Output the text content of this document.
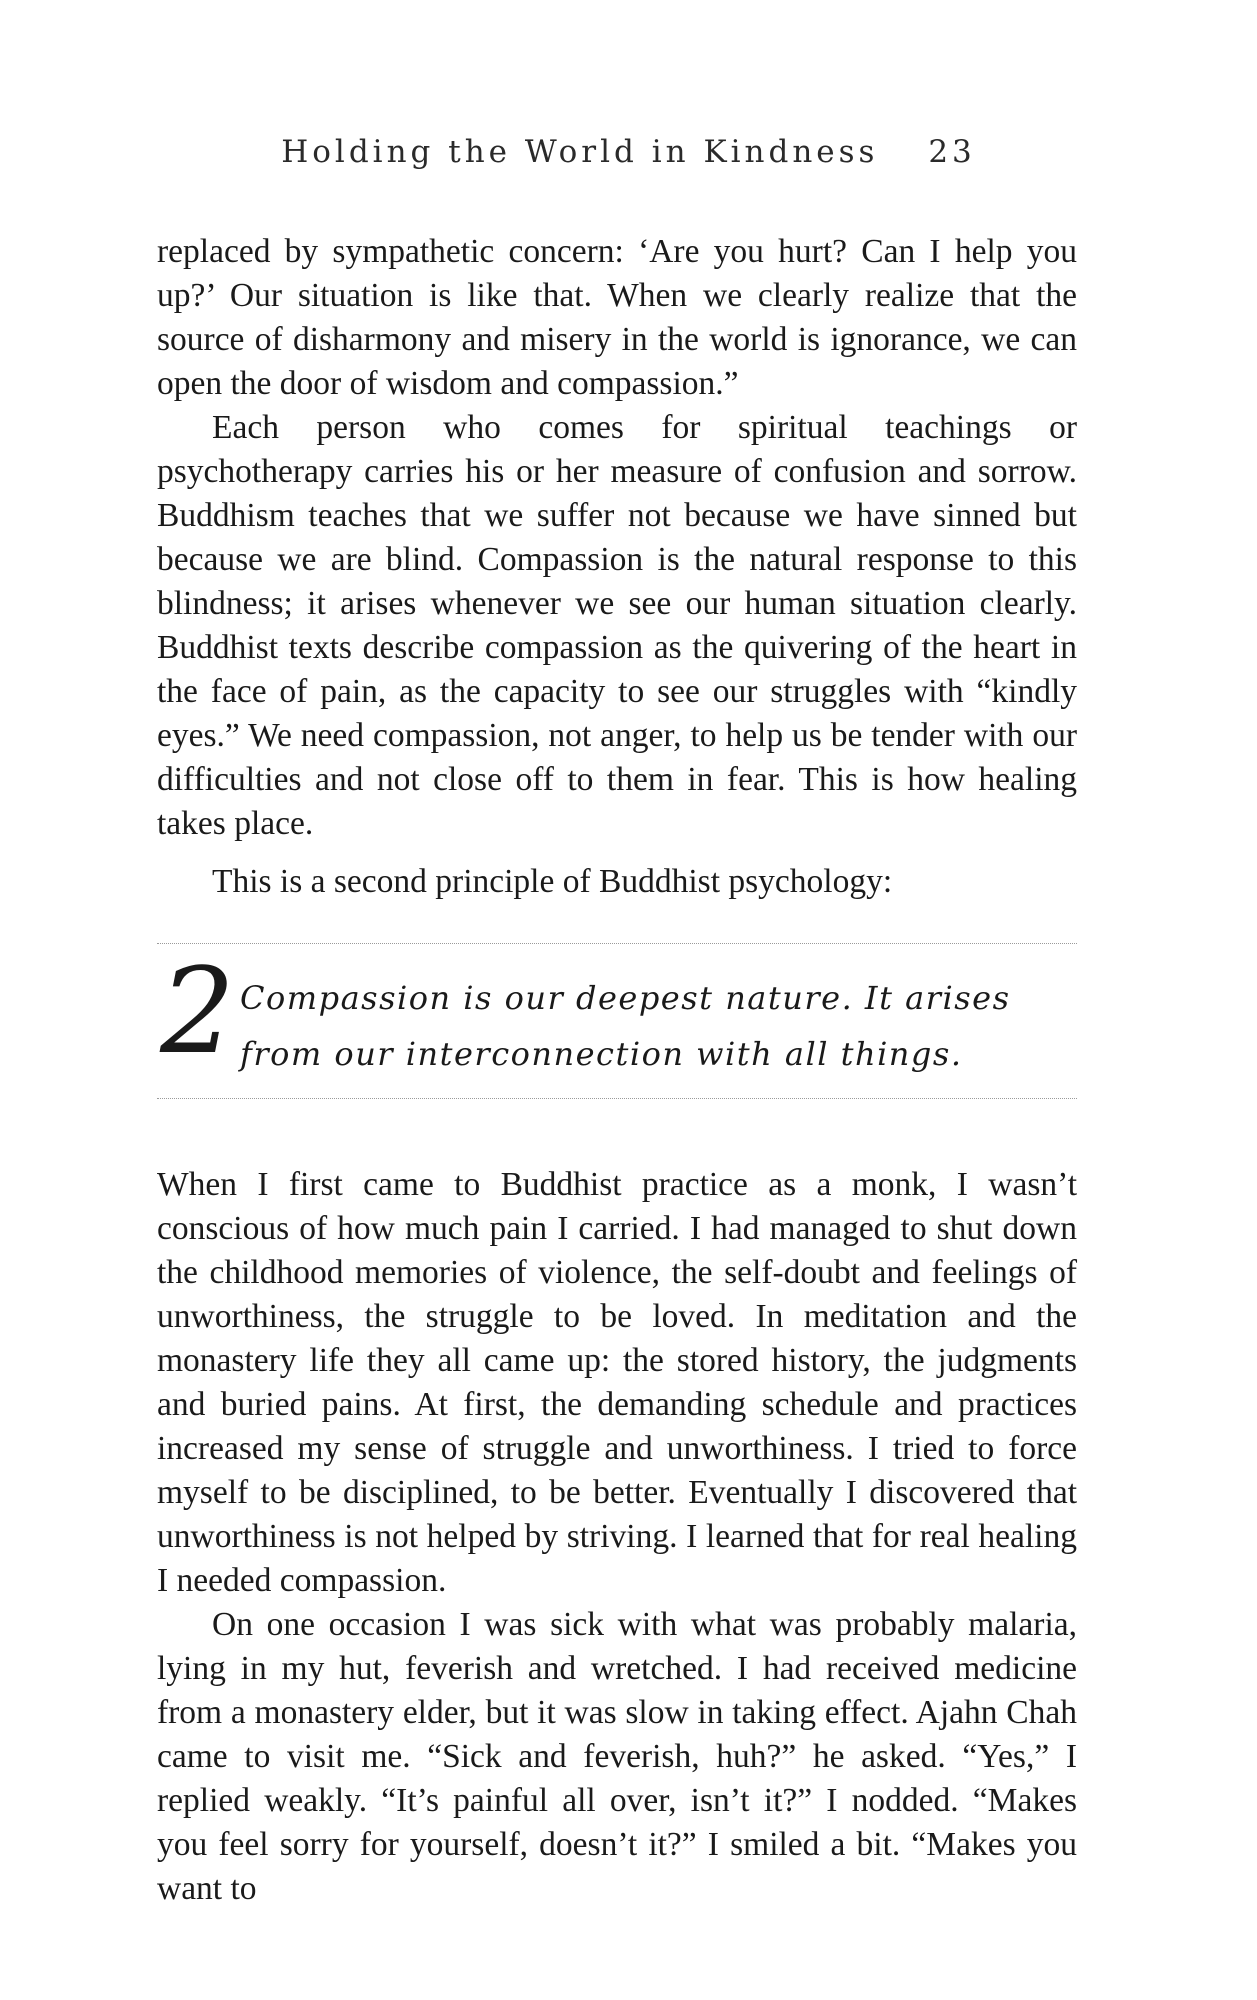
Holding the World in Kindness 23

replaced by sympathetic concern: ‘Are you hurt? Can I help you up?’ Our situation is like that. When we clearly realize that the source of disharmony and misery in the world is ignorance, we can open the door of wisdom and compassion.”

Each person who comes for spiritual teachings or psychotherapy carries his or her measure of confusion and sorrow. Buddhism teaches that we suffer not because we have sinned but because we are blind. Compassion is the natural response to this blindness; it arises whenever we see our human situation clearly. Buddhist texts describe compassion as the quivering of the heart in the face of pain, as the capacity to see our struggles with “kindly eyes.” We need compassion, not anger, to help us be tender with our difficulties and not close off to them in fear. This is how healing takes place.

This is a second principle of Buddhist psychology:
2 Compassion is our deepest nature. It arises from our interconnection with all things.

When I first came to Buddhist practice as a monk, I wasn’t conscious of how much pain I carried. I had managed to shut down the childhood memories of violence, the self-doubt and feelings of unworthiness, the struggle to be loved. In meditation and the monastery life they all came up: the stored history, the judgments and buried pains. At first, the demanding schedule and practices increased my sense of struggle and unworthiness. I tried to force myself to be disciplined, to be better. Eventually I discovered that unworthiness is not helped by striving. I learned that for real healing I needed compassion.

On one occasion I was sick with what was probably malaria, lying in my hut, feverish and wretched. I had received medicine from a monastery elder, but it was slow in taking effect. Ajahn Chah came to visit me. “Sick and feverish, huh?” he asked. “Yes,” I replied weakly. “It’s painful all over, isn’t it?” I nodded. “Makes you feel sorry for yourself, doesn’t it?” I smiled a bit. “Makes you want to
